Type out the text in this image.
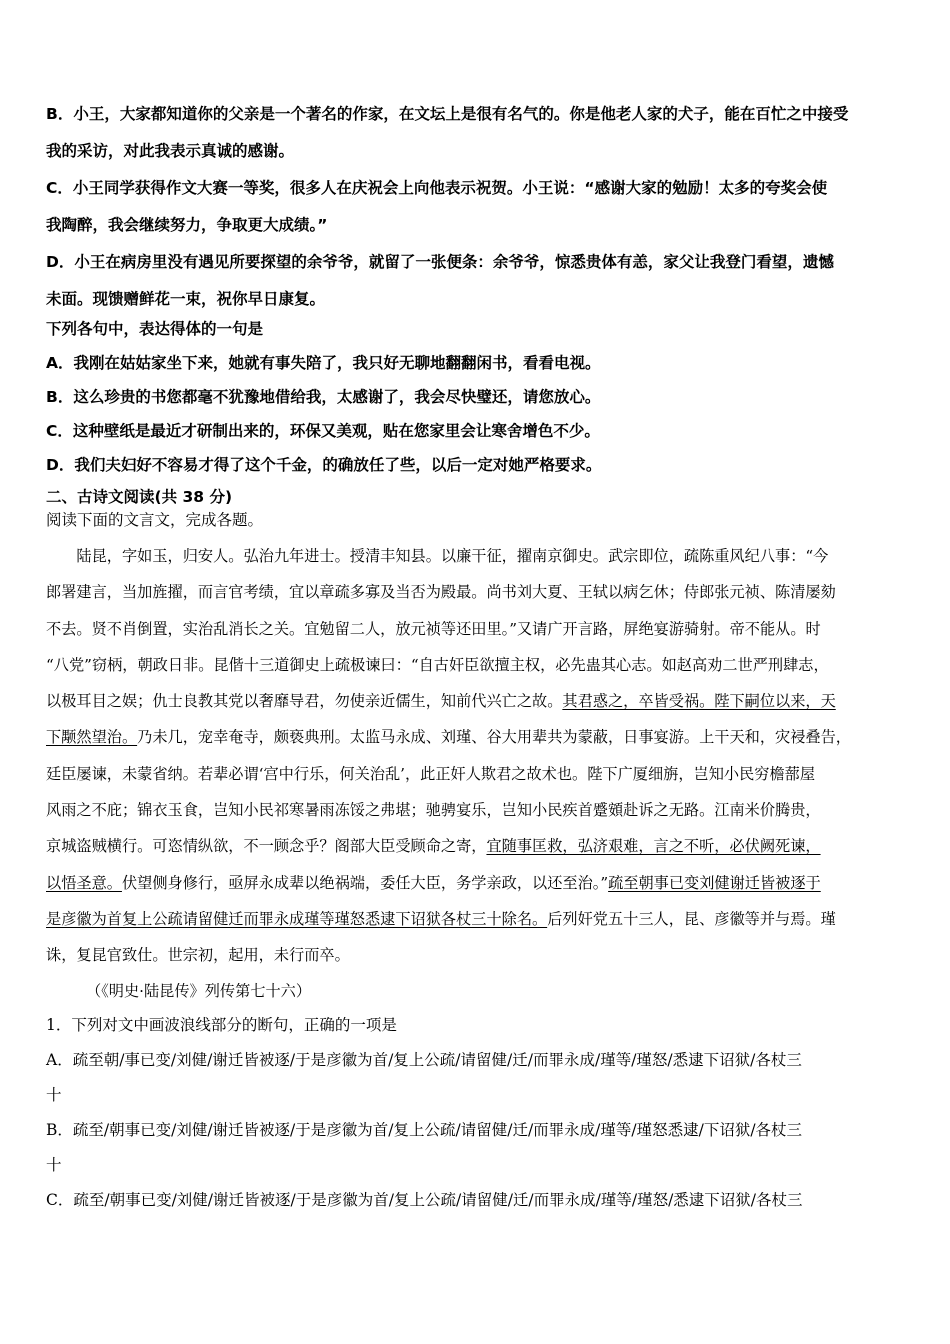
B．小王，大家都知道你的父亲是一个著名的作家，在文坛上是很有名气的。你是他老人家的犬子，能在百忙之中接受
我的采访，对此我表示真诚的感谢。
C．小王同学获得作文大赛一等奖，很多人在庆祝会上向他表示祝贺。小王说：“感谢大家的勉励！太多的夸奖会使
我陶醉，我会继续努力，争取更大成绩。”
D．小王在病房里没有遇见所要探望的余爷爷，就留了一张便条：余爷爷，惊悉贵体有恙，家父让我登门看望，遗憾
未面。现馈赠鲜花一束，祝你早日康复。
下列各句中，表达得体的一句是
A．我刚在姑姑家坐下来，她就有事失陪了，我只好无聊地翻翻闲书，看看电视。
B．这么珍贵的书您都毫不犹豫地借给我，太感谢了，我会尽快璧还，请您放心。
C．这种壁纸是最近才研制出来的，环保又美观，贴在您家里会让寒舍增色不少。
D．我们夫妇好不容易才得了这个千金，的确放任了些，以后一定对她严格要求。
二、古诗文阅读(共 38 分)
阅读下面的文言文，完成各题。
　　陆昆，字如玉，归安人。弘治九年进士。授清丰知县。以廉干征，擢南京御史。武宗即位，疏陈重风纪八事：“今
郎署建言，当加旌擢，而言官考绩，宜以章疏多寡及当否为殿最。尚书刘大夏、王轼以病乞休；侍郎张元祯、陈清屡劾
不去。贤不肖倒置，实治乱消长之关。宜勉留二人，放元祯等还田里。”又请广开言路，屏绝宴游骑射。帝不能从。时
“八党”窃柄，朝政日非。昆偕十三道御史上疏极谏曰：“自古奸臣欲擅主权，必先蛊其心志。如赵高劝二世严刑肆志，
以极耳目之娱；仇士良教其党以奢靡导君，勿使亲近儒生，知前代兴亡之故。其君惑之，卒皆受祸。陛下嗣位以来，天
下颙然望治。乃未几，宠幸奄寺，颇亵典刑。太监马永成、刘瑾、谷大用辈共为蒙蔽，日事宴游。上干天和，灾祲叠告，
廷臣屡谏，未蒙省纳。若辈必谓‘宫中行乐，何关治乱’，此正奸人欺君之故术也。陛下广厦细旃，岂知小民穷檐蔀屋
风雨之不庇；锦衣玉食，岂知小民祁寒暑雨冻馁之弗堪；驰骋宴乐，岂知小民疾首蹙頞赴诉之无路。江南米价腾贵，
京城盗贼横行。可恣情纵欲，不一顾念乎？阁部大臣受顾命之寄，宜随事匡救，弘济艰难，言之不听，必伏阙死谏，
以悟圣意。伏望侧身修行，亟屏永成辈以绝祸端，委任大臣，务学亲政，以还至治。”疏至朝事已变刘健谢迁皆被逐于
是彦徽为首复上公疏请留健迁而罪永成瑾等瑾怒悉逮下诏狱各杖三十除名。后列奸党五十三人，昆、彦徽等并与焉。瑾
诛，复昆官致仕。世宗初，起用，未行而卒。
（《明史·陆昆传》列传第七十六）
1．下列对文中画波浪线部分的断句，正确的一项是
A．疏至朝/事已变/刘健/谢迁皆被逐/于是彦徽为首/复上公疏/请留健/迁/而罪永成/瑾等/瑾怒/悉逮下诏狱/各杖三
十
B．疏至/朝事已变/刘健/谢迁皆被逐/于是彦徽为首/复上公疏/请留健/迁/而罪永成/瑾等/瑾怒悉逮/下诏狱/各杖三
十
C．疏至/朝事已变/刘健/谢迁皆被逐/于是彦徽为首/复上公疏/请留健/迁/而罪永成/瑾等/瑾怒/悉逮下诏狱/各杖三
